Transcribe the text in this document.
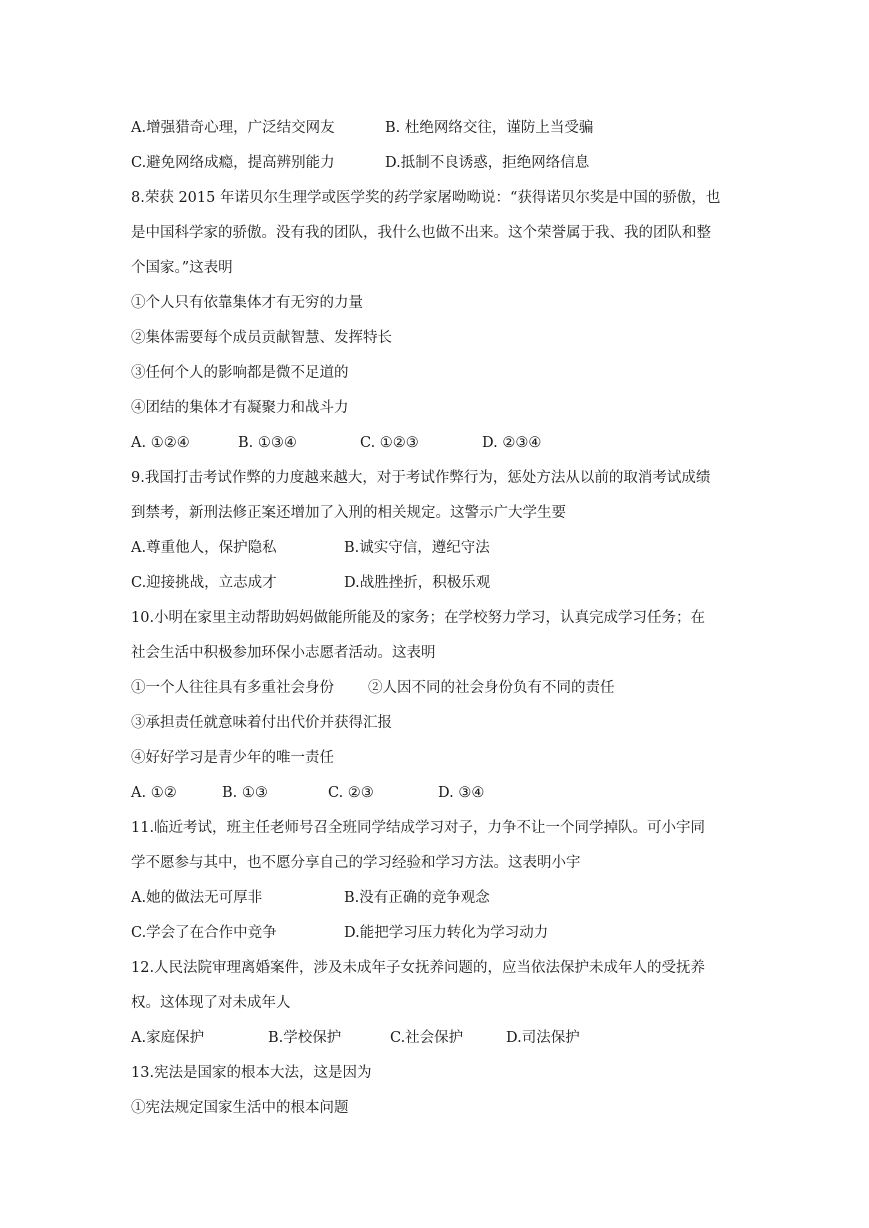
A.增强猎奇心理，广泛结交网友	B. 杜绝网络交往，谨防上当受骗
C.避免网络成瘾，提高辨别能力	D.抵制不良诱惑，拒绝网络信息
8.荣获 2015 年诺贝尔生理学或医学奖的药学家屠呦呦说：“获得诺贝尔奖是中国的骄傲，也
是中国科学家的骄傲。没有我的团队，我什么也做不出来。这个荣誉属于我、我的团队和整
个国家。”这表明
①个人只有依靠集体才有无穷的力量
②集体需要每个成员贡献智慧、发挥特长
③任何个人的影响都是微不足道的
④团结的集体才有凝聚力和战斗力
A. ①②④	B. ①③④	C. ①②③	D. ②③④
9.我国打击考试作弊的力度越来越大，对于考试作弊行为，惩处方法从以前的取消考试成绩
到禁考，新刑法修正案还增加了入刑的相关规定。这警示广大学生要
A.尊重他人，保护隐私	B.诚实守信，遵纪守法
C.迎接挑战，立志成才	D.战胜挫折，积极乐观
10.小明在家里主动帮助妈妈做能所能及的家务；在学校努力学习，认真完成学习任务；在
社会生活中积极参加环保小志愿者活动。这表明
①一个人往往具有多重社会身份 ②人因不同的社会身份负有不同的责任
③承担责任就意味着付出代价并获得汇报
④好好学习是青少年的唯一责任
A. ①②	B. ①③	C. ②③	D. ③④
11.临近考试，班主任老师号召全班同学结成学习对子，力争不让一个同学掉队。可小宇同
学不愿参与其中，也不愿分享自己的学习经验和学习方法。这表明小宇
A.她的做法无可厚非	B.没有正确的竞争观念
C.学会了在合作中竞争	D.能把学习压力转化为学习动力
12.人民法院审理离婚案件，涉及未成年子女抚养问题的，应当依法保护未成年人的受抚养
权。这体现了对未成年人
A.家庭保护	B.学校保护	C.社会保护	D.司法保护
13.宪法是国家的根本大法，这是因为
①宪法规定国家生活中的根本问题
